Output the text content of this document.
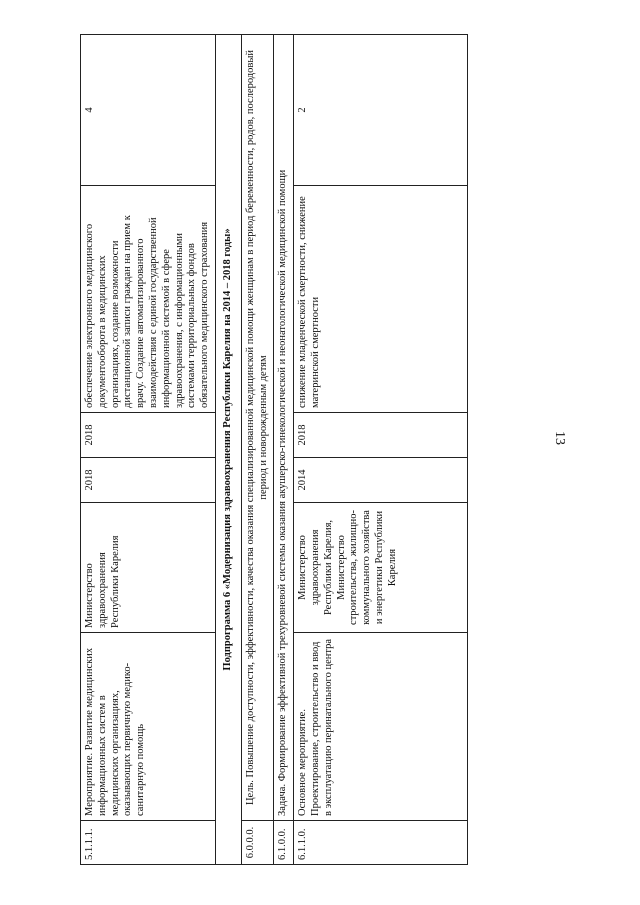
13
5.1.1.1.	Мероприятие. Развитие медицинских информационных систем в медицинских организациях, оказывающих первичную медико-санитарную помощь	Министерство здравоохранения Республики Карелия	2018	2018	обеспечение электронного медицинского документооборота в медицинских организациях, создание возможности дистанционной записи граждан на прием к врачу. Создание автоматизированного взаимодействия с единой государственной информационной системой в сфере здравоохранения, с информационными системами территориальных фондов обязательного медицинского страхования	4
Подпрограмма 6 «Модернизация здравоохранения Республики Карелия на 2014 – 2018 годы»						
6.0.0.0.	Цель. Повышение доступности, эффективности, качества оказания специализированной медицинской помощи женщинам в период беременности, родов, послеродовый период и новорожденным детям					
6.1.0.0.	Задача. Формирование эффективной трехуровневой системы оказания акушерско-гинекологической и неонатологической медицинской помощи					
6.1.1.0.	Основное мероприятие. Проектирование, строительство и ввод в эксплуатацию перинатального центра	Министерство здравоохранения Республики Карелия, Министерство строительства, жилищно-коммунального хозяйства и энергетики Республики Карелия	2014	2018	снижение младенческой смертности, снижение материнской смертности	2
